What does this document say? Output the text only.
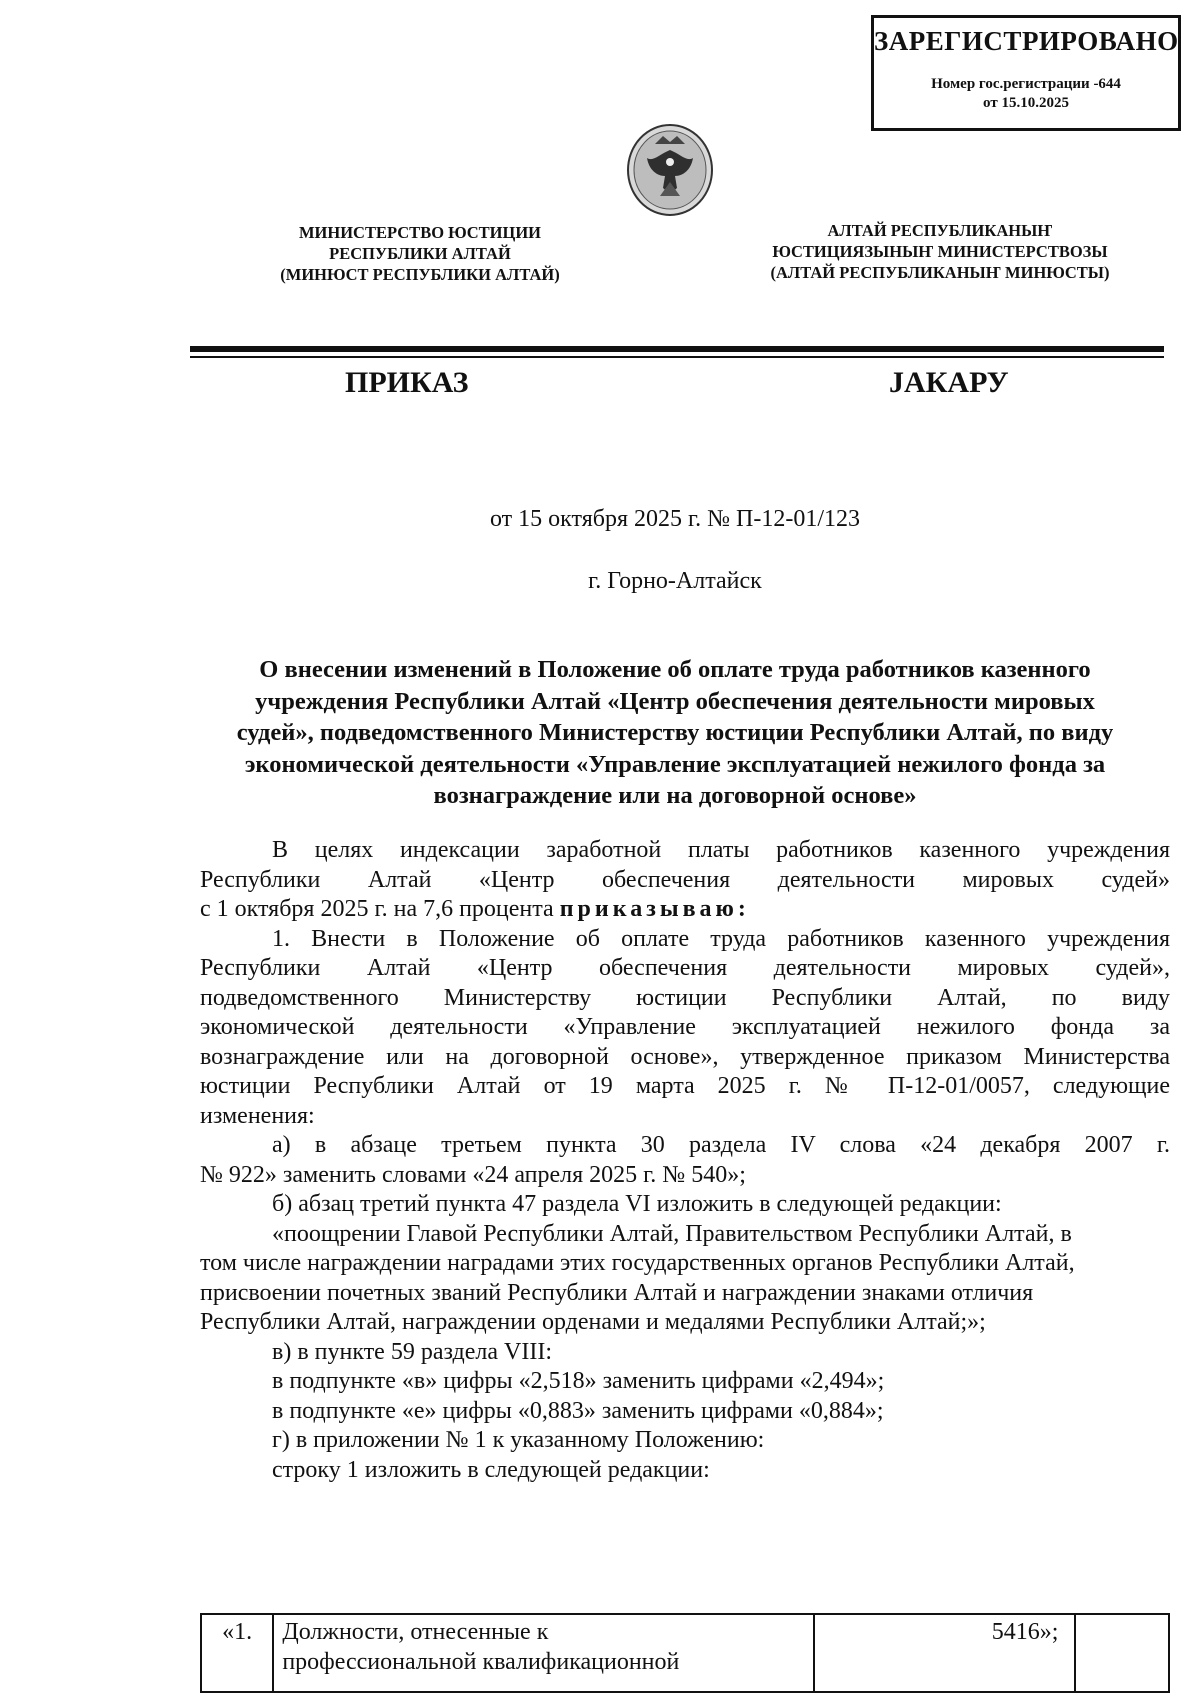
ЗАРЕГИСТРИРОВАНО
Номер гос.регистрации -644
от 15.10.2025
МИНИСТЕРСТВО ЮСТИЦИИ
РЕСПУБЛИКИ АЛТАЙ
(МИНЮСТ РЕСПУБЛИКИ АЛТАЙ)
АЛТАЙ РЕСПУБЛИКАНЫҤ
ЮСТИЦИЯЗЫНЫҤ МИНИСТЕРСТВОЗЫ
(АЛТАЙ РЕСПУБЛИКАНЫҤ МИНЮСТЫ)
ПРИКАЗ	JАКАРУ
от 15 октября 2025 г. № П-12-01/123
г. Горно-Алтайск
О внесении изменений в Положение об оплате труда работников казенного
учреждения Республики Алтай «Центр обеспечения деятельности мировых
судей», подведомственного Министерству юстиции Республики Алтай, по виду
экономической деятельности «Управление эксплуатацией нежилого фонда за
вознаграждение или на договорной основе»

В целях индексации заработной платы работников казенного учреждения

Республики Алтай «Центр обеспечения деятельности мировых судей»

с 1 октября 2025 г. на 7,6 процента приказываю:

1. Внести в Положение об оплате труда работников казенного учреждения

Республики Алтай «Центр обеспечения деятельности мировых судей»,

подведомственного Министерству юстиции Республики Алтай, по виду

экономической деятельности «Управление эксплуатацией нежилого фонда за

вознаграждение или на договорной основе», утвержденное приказом Министерства

юстиции Республики Алтай от 19 марта 2025 г. № П-12-01/0057, следующие

изменения:

а) в абзаце третьем пункта 30 раздела IV слова «24 декабря 2007 г.

№ 922» заменить словами «24 апреля 2025 г. № 540»;

б) абзац третий пункта 47 раздела VI изложить в следующей редакции:

«поощрении Главой Республики Алтай, Правительством Республики Алтай, в

том числе награждении наградами этих государственных органов Республики Алтай,

присвоении почетных званий Республики Алтай и награждении знаками отличия

Республики Алтай, награждении орденами и медалями Республики Алтай;»;

в) в пункте 59 раздела VIII:

в подпункте «в» цифры «2,518» заменить цифрами «2,494»;

в подпункте «е» цифры «0,883» заменить цифрами «0,884»;

г) в приложении № 1 к указанному Положению:

строку 1 изложить в следующей редакции:

«1.	Должности, отнесенные к
профессиональной квалификационной
	5416»;	
